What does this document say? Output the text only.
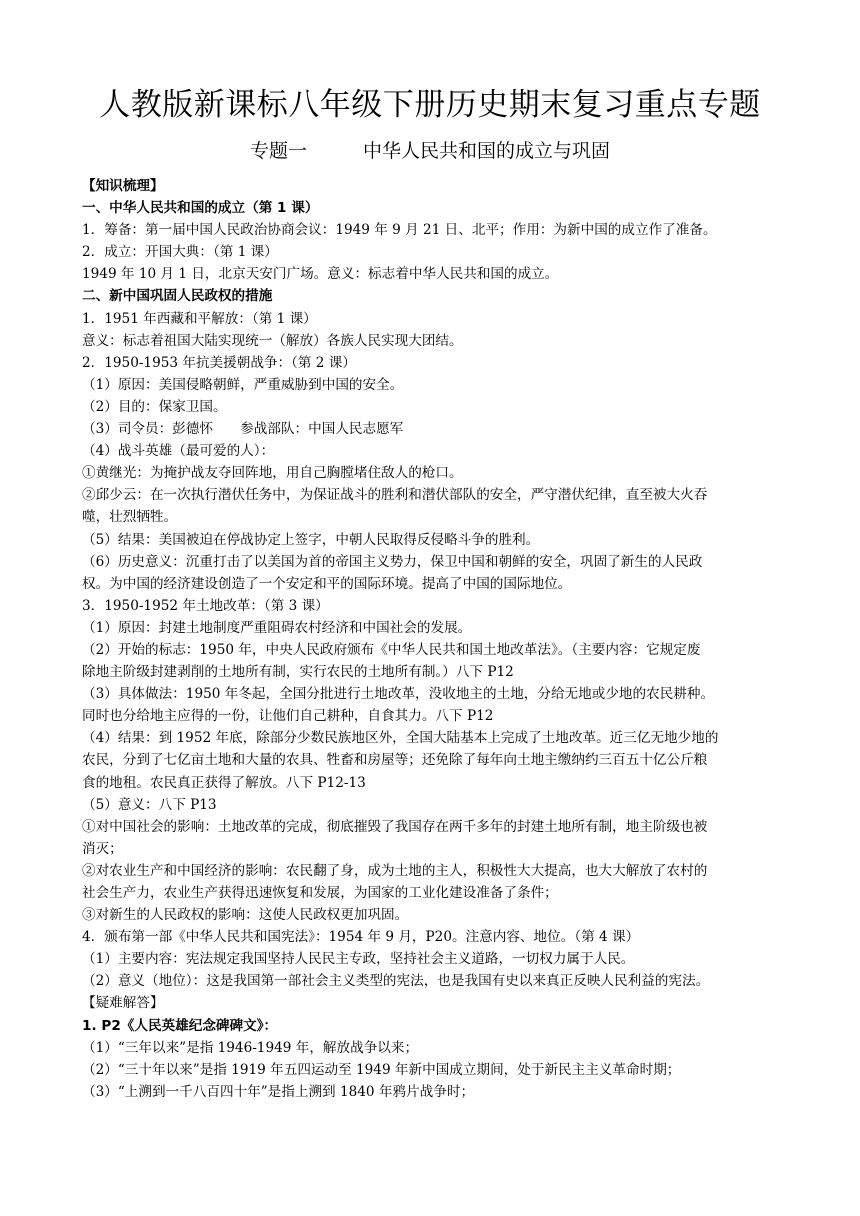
人教版新课标八年级下册历史期末复习重点专题
专题一	中华人民共和国的成立与巩固
【知识梳理】
一、中华人民共和国的成立（第 1 课）
1．筹备：第一届中国人民政治协商会议：1949 年 9 月 21 日、北平；作用：为新中国的成立作了准备。
2．成立：开国大典：（第 1 课）
1949 年 10 月 1 日，北京天安门广场。意义：标志着中华人民共和国的成立。
二、新中国巩固人民政权的措施
1．1951 年西藏和平解放：（第 1 课）
意义：标志着祖国大陆实现统一（解放）各族人民实现大团结。
2．1950-1953 年抗美援朝战争：（第 2 课）
（1）原因：美国侵略朝鲜，严重威胁到中国的安全。
（2）目的：保家卫国。
（3）司令员：彭德怀　　参战部队：中国人民志愿军
（4）战斗英雄（最可爱的人）：
①黄继光：为掩护战友夺回阵地，用自己胸膛堵住敌人的枪口。
②邱少云：在一次执行潜伏任务中，为保证战斗的胜利和潜伏部队的安全，严守潜伏纪律，直至被大火吞
噬，壮烈牺牲。
（5）结果：美国被迫在停战协定上签字，中朝人民取得反侵略斗争的胜利。
（6）历史意义：沉重打击了以美国为首的帝国主义势力，保卫中国和朝鲜的安全，巩固了新生的人民政
权。为中国的经济建设创造了一个安定和平的国际环境。提高了中国的国际地位。
3．1950-1952 年土地改革：（第 3 课）
（1）原因：封建土地制度严重阻碍农村经济和中国社会的发展。
（2）开始的标志：1950 年，中央人民政府颁布《中华人民共和国土地改革法》。（主要内容：它规定废
除地主阶级封建剥削的土地所有制，实行农民的土地所有制。）八下 P12
（3）具体做法：1950 年冬起，全国分批进行土地改革，没收地主的土地，分给无地或少地的农民耕种。
同时也分给地主应得的一份，让他们自己耕种，自食其力。八下 P12
（4）结果：到 1952 年底，除部分少数民族地区外，全国大陆基本上完成了土地改革。近三亿无地少地的
农民，分到了七亿亩土地和大量的农具、牲畜和房屋等；还免除了每年向土地主缴纳约三百五十亿公斤粮
食的地租。农民真正获得了解放。八下 P12-13
（5）意义：八下 P13
①对中国社会的影响：土地改革的完成，彻底摧毁了我国存在两千多年的封建土地所有制，地主阶级也被
消灭；
②对农业生产和中国经济的影响：农民翻了身，成为土地的主人，积极性大大提高，也大大解放了农村的
社会生产力，农业生产获得迅速恢复和发展，为国家的工业化建设准备了条件；
③对新生的人民政权的影响：这使人民政权更加巩固。
4．颁布第一部《中华人民共和国宪法》：1954 年 9 月，P20。注意内容、地位。（第 4 课）
（1）主要内容：宪法规定我国坚持人民民主专政，坚持社会主义道路，一切权力属于人民。
（2）意义（地位）：这是我国第一部社会主义类型的宪法，也是我国有史以来真正反映人民利益的宪法。
【疑难解答】
1. P2《人民英雄纪念碑碑文》：
（1）“三年以来”是指 1946-1949 年，解放战争以来；
（2）“三十年以来”是指 1919 年五四运动至 1949 年新中国成立期间，处于新民主主义革命时期；
（3）“上溯到一千八百四十年”是指上溯到 1840 年鸦片战争时；
